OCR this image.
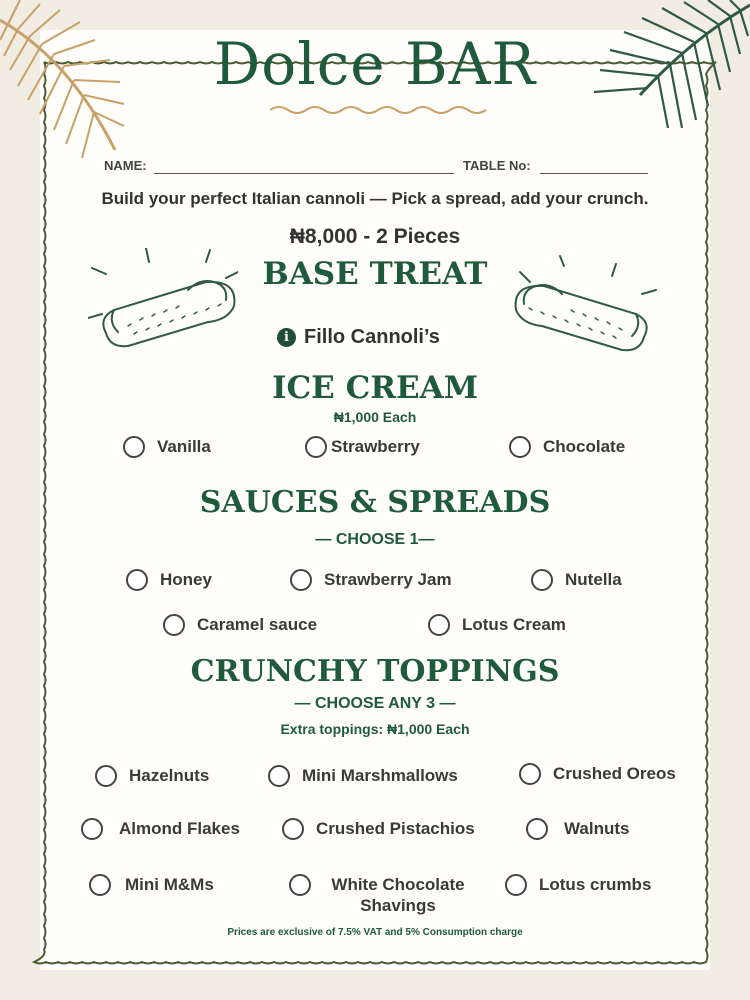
Dolce BAR
NAME:	TABLE No:
Build your perfect Italian cannoli — Pick a spread, add your crunch.
₦8,000 - 2 Pieces
BASE TREAT
i Fillo Cannoli’s
ICE CREAM
₦1,000 Each
Vanilla	Strawberry	Chocolate
SAUCES & SPREADS
— CHOOSE 1—
Honey	Strawberry Jam	Nutella
Caramel sauce	Lotus Cream
CRUNCHY TOPPINGS
— CHOOSE ANY 3 —
Extra toppings: ₦1,000 Each
Hazelnuts	Mini Marshmallows	Crushed Oreos
Almond Flakes	Crushed Pistachios	Walnuts
Mini M&Ms	White Chocolate Shavings
Lotus crumbs
Prices are exclusive of 7.5% VAT and 5% Consumption charge
